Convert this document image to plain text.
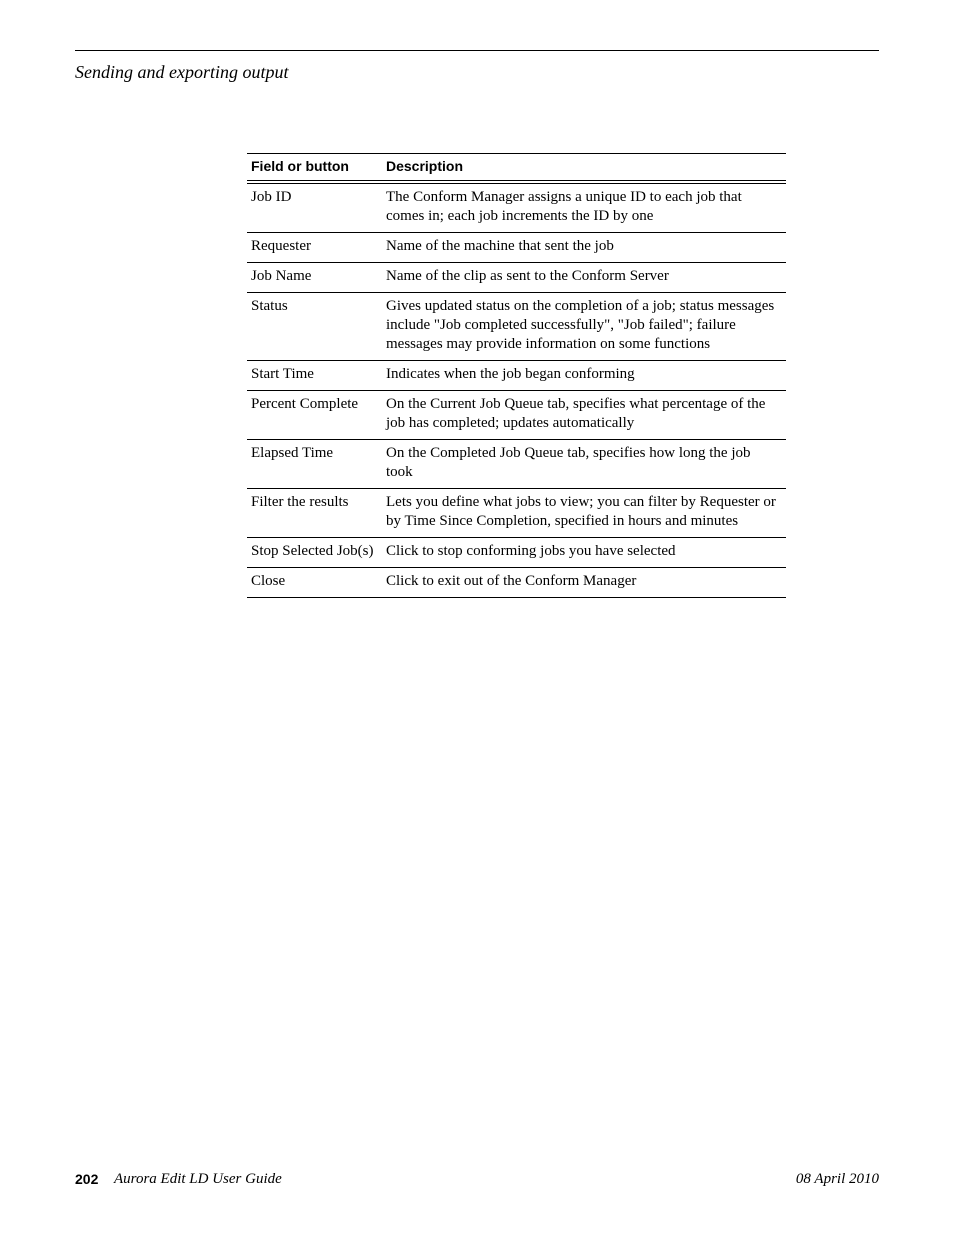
Sending and exporting output
Field or button	Description
Job ID	The Conform Manager assigns a unique ID to each job that comes in; each job increments the ID by one
Requester	Name of the machine that sent the job
Job Name	Name of the clip as sent to the Conform Server
Status	Gives updated status on the completion of a job; status messages include "Job completed successfully", "Job failed"; failure messages may provide information on some functions
Start Time	Indicates when the job began conforming
Percent Complete	On the Current Job Queue tab, specifies what percentage of the job has completed; updates automatically
Elapsed Time	On the Completed Job Queue tab, specifies how long the job took
Filter the results	Lets you define what jobs to view; you can filter by Requester or by Time Since Completion, specified in hours and minutes
Stop Selected Job(s)	Click to stop conforming jobs you have selected
Close	Click to exit out of the Conform Manager
202 Aurora Edit LD User Guide	08 April 2010
